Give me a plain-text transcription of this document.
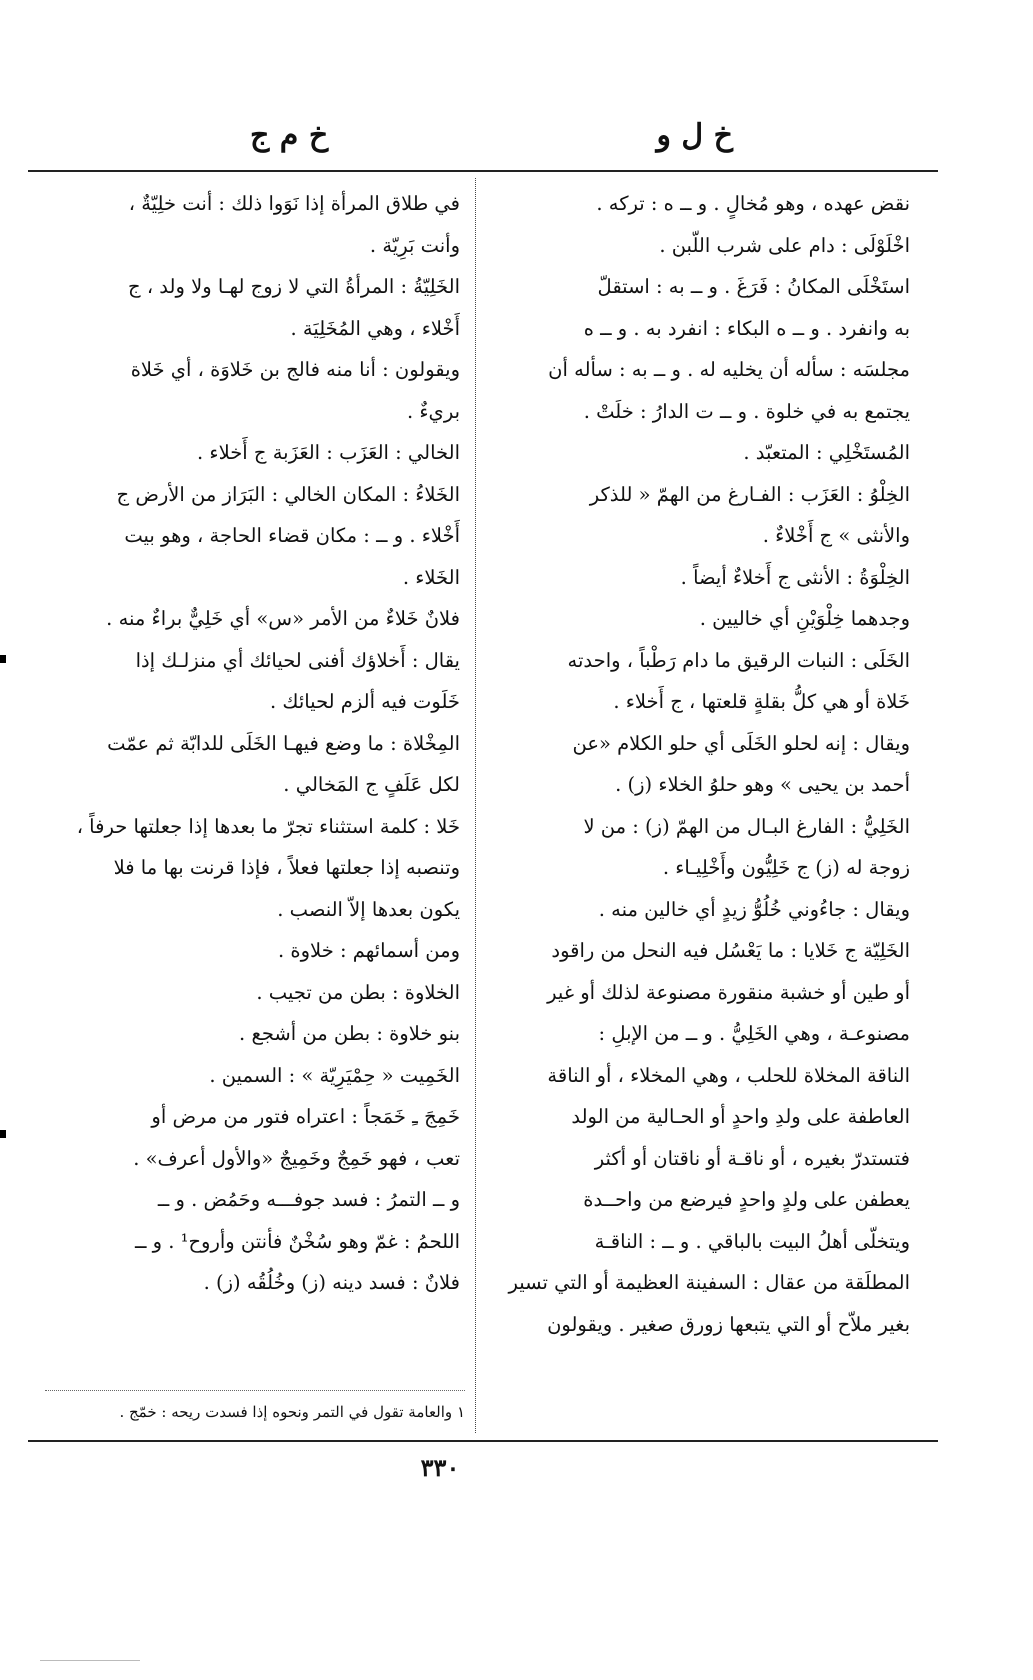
خ ل و
خ م ج
نقض عهده ، وهو مُخالٍ . و ــ ه : تركه .
اخْلَوْلَى : دام على شرب اللّبن .
استَخْلَى المكانُ : فَرَغَ . و ــ به : استقلّ
به وانفرد . و ــ ه البكاء : انفرد به . و ــ ه
مجلسَه : سأله أن يخليه له . و ــ به : سأله أن
يجتمع به في خلوة . و ــ ت الدارُ : خلَتْ .
المُستَخْلِي : المتعبّد .
الخِلْوُ : العَزَب : الفـارغ من الهمّ « للذكر
والأنثى » ج أَخْلاءٌ .
الخِلْوَةُ : الأنثى ج أَخلاءٌ أيضاً .
وجدهما خِلْوَيْنِ أي خاليين .
الخَلَى : النبات الرقيق ما دام رَطْباً ، واحدته
خَلاة أو هي كلُّ بقلةٍ قلعتها ، ج أَخلاء .
ويقال : إنه لحلو الخَلَى أي حلو الكلام «عن
أحمد بن يحيى » وهو حلوُ الخلاء (ز) .
الخَلِيُّ : الفارغ البـال من الهمّ (ز) : من لا
زوجة له (ز) ج خَلِيُّون وأَخْلِيـاء .
ويقال : جاءُوني خُلُوُّ زيدٍ أي خالين منه .
الخَلِيّة ج خَلايا : ما يَعْسُل فيه النحل من راقود
أو طين أو خشبة منقورة مصنوعة لذلك أو غير
مصنوعـة ، وهي الخَلِيُّ . و ــ من الإبلِ :
الناقة المخلاة للحلب ، وهي المخلاء ، أو الناقة
العاطفة على ولدِ واحدٍ أو الحـالية من الولد
فتستدرّ بغيره ، أو ناقـة أو ناقتان أو أكثر
يعطفن على ولدٍ واحدٍ فيرضع من واحــدة
ويتخلّى أهلُ البيت بالباقي . و ــ : الناقـة
المطلَقة من عقال : السفينة العظيمة أو التي تسير
بغير ملاّح أو التي يتبعها زورق صغير . ويقولون
في طلاق المرأة إذا نَوَوا ذلك : أنت خلِيّةٌ ،
وأنت بَرِيّة .
الخَلِيّةُ : المرأةُ التي لا زوج لهـا ولا ولد ، ج
أَخْلاء ، وهي المُخَلِيَة .
ويقولون : أنا منه فالج بن خَلاوَة ، أي خَلاة
بريءٌ .
الخالي : العَزَب : العَزَبة ج أَخلاء .
الخَلاءُ : المكان الخالي : البَرَاز من الأرض ج
أَخْلاء . و ــ : مكان قضاء الحاجة ، وهو بيت
الخَلاء .
فلانٌ خَلاءٌ من الأمر «س» أي خَلِيٌّ براءٌ منه .
يقال : أَخلاؤك أفنى لحيائك أي منزلـك إذا
خَلَوت فيه ألزم لحيائك .
المِخْلاة : ما وضع فيهـا الخَلَى للدابّة ثم عمّت
لكل عَلَفٍ ج المَخالي .
خَلا : كلمة استثناء تجرّ ما بعدها إذا جعلتها حرفاً ،
وتنصبه إذا جعلتها فعلاً ، فإذا قرنت بها ما فلا
يكون بعدها إلاّ النصب .
ومن أسمائهم : خلاوة .
الخلاوة : بطن من تجيب .
بنو خلاوة : بطن من أشجع .
الخَمِيت « حِمْيَرِيّة » : السمين .
خَمِجَ ـِ خَمَجاً : اعتراه فتور من مرض أو
تعب ، فهو خَمِجٌ وخَمِيجٌ «والأول أعرف» .
و ــ التمرُ : فسد جوفـــه وحَمُض . و ــ
اللحمُ : غمّ وهو سُخْنٌ فأنتن وأروح¹ . و ــ
فلانٌ : فسد دينه (ز) وخُلُقُه (ز) .
١ والعامة تقول في التمر ونحوه إذا فسدت ريحه : خمّج .
٣٣٠
